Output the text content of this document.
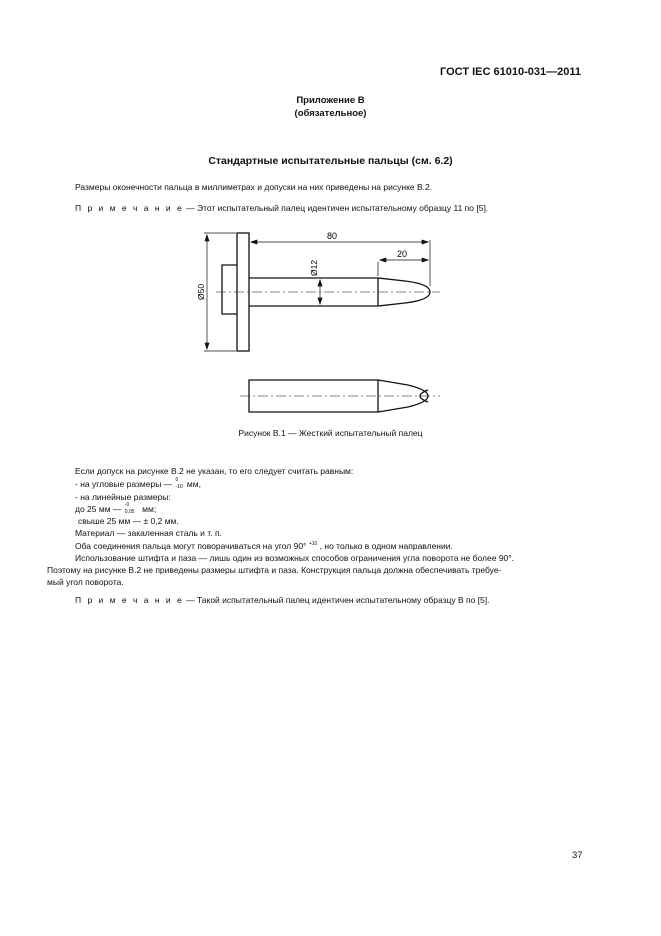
ГОСТ IEC 61010-031—2011
Приложение В
(обязательное)
Стандартные испытательные пальцы (см. 6.2)
Размеры оконечности пальца в миллиметрах и допуски на них приведены на рисунке В.2.
П р и м е ч а н и е — Этот испытательный палец идентичен испытательному образцу 11 по [5].
80
20
Ø12
Ø50
Рисунок В.1 — Жесткий испытательный палец
Если допуск на рисунке В.2 не указан, то его следует считать равным:
- на угловые размеры — 0
-10 мм,
- на линейные размеры:
до 25 мм — -0
0,05 мм;
свыше 25 мм — ± 0,2 мм.
Материал — закаленная сталь и т. п.
Оба соединения пальца могут поворачиваться на угол 90° $^{+10}$ , но только в одном направлении.
Использование штифта и паза — лишь один из возможных способов ограничения угла поворота не более 90°.
Поэтому на рисунке В.2 не приведены размеры штифта и паза. Конструкция пальца должна обеспечивать требуе-
мый угол поворота.
П р и м е ч а н и е — Такой испытательный палец идентичен испытательному образцу В по [5].
37
